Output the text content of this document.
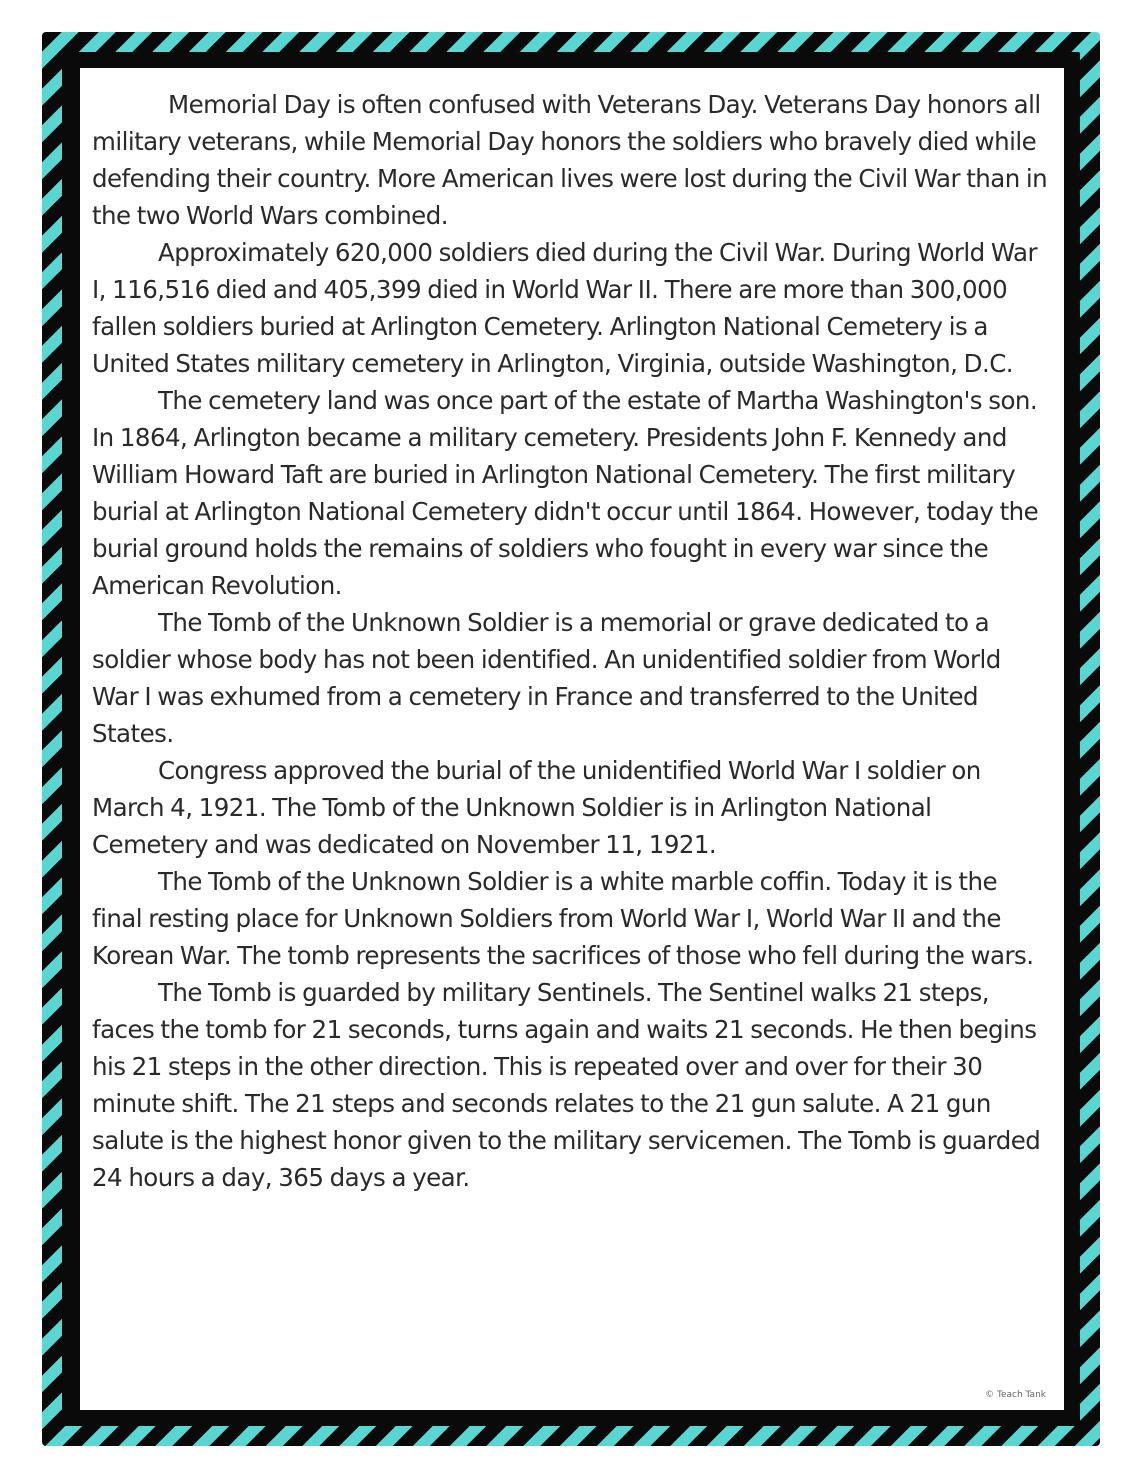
Memorial Day is often confused with Veterans Day. Veterans Day honors all military veterans, while Memorial Day honors the soldiers who bravely died while defending their country. More American lives were lost during the Civil War than in the two World Wars combined.

Approximately 620,000 soldiers died during the Civil War. During World War I, 116,516 died and 405,399 died in World War II. There are more than 300,000 fallen soldiers buried at Arlington Cemetery. Arlington National Cemetery is a United States military cemetery in Arlington, Virginia, outside Washington, D.C.

The cemetery land was once part of the estate of Martha Washington's son. In 1864, Arlington became a military cemetery. Presidents John F. Kennedy and William Howard Taft are buried in Arlington National Cemetery. The first military burial at Arlington National Cemetery didn't occur until 1864. However, today the burial ground holds the remains of soldiers who fought in every war since the American Revolution.

The Tomb of the Unknown Soldier is a memorial or grave dedicated to a soldier whose body has not been identified. An unidentified soldier from World War I was exhumed from a cemetery in France and transferred to the United States.

Congress approved the burial of the unidentified World War I soldier on March 4, 1921. The Tomb of the Unknown Soldier is in Arlington National Cemetery and was dedicated on November 11, 1921.

The Tomb of the Unknown Soldier is a white marble coffin. Today it is the final resting place for Unknown Soldiers from World War I, World War II and the Korean War. The tomb represents the sacrifices of those who fell during the wars.

The Tomb is guarded by military Sentinels. The Sentinel walks 21 steps, faces the tomb for 21 seconds, turns again and waits 21 seconds. He then begins his 21 steps in the other direction. This is repeated over and over for their 30 minute shift. The 21 steps and seconds relates to the 21 gun salute. A 21 gun salute is the highest honor given to the military servicemen. The Tomb is guarded 24 hours a day, 365 days a year.

© Teach Tank
